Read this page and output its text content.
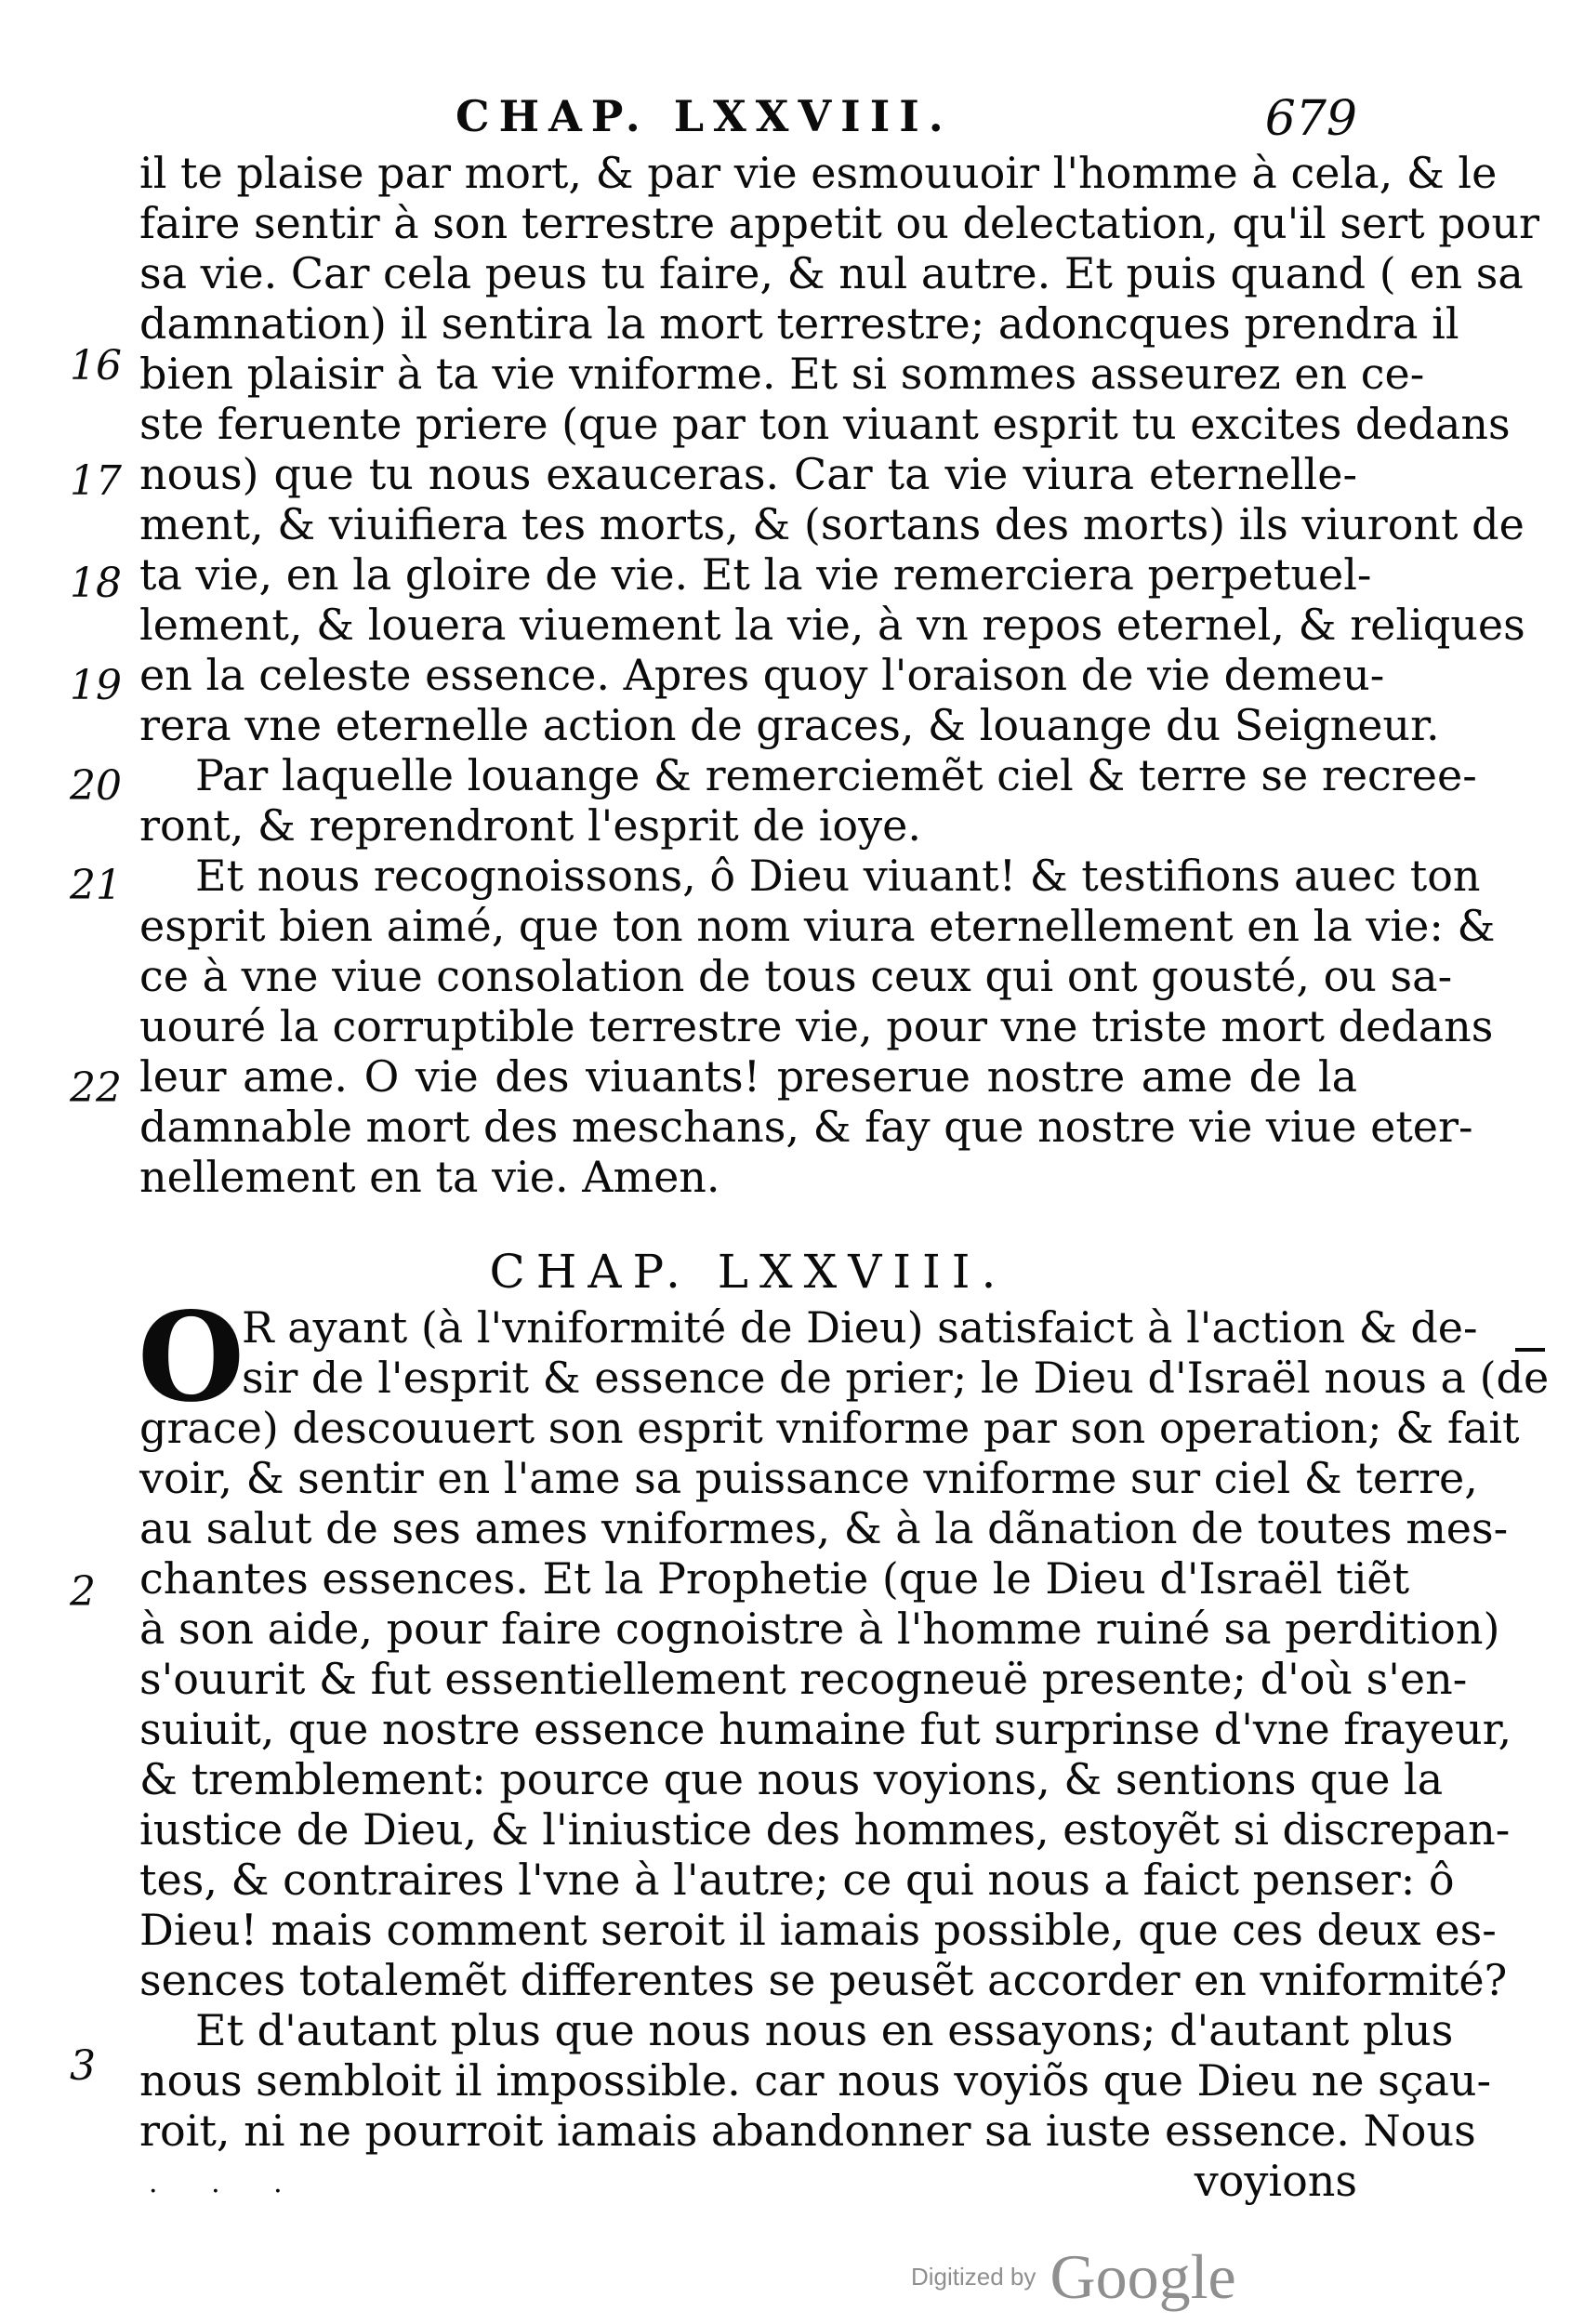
CHAP. LXXVIII.	679
16
17
18
19
20
21
22
il te plaise par mort, & par vie esmouuoir l'homme à cela, & le
faire sentir à son terrestre appetit ou delectation, qu'il sert pour
sa vie. Car cela peus tu faire, & nul autre. Et puis quand ( en sa
damnation) il sentira la mort terrestre; adoncques prendra il
bien plaisir à ta vie vniforme. Et si sommes asseurez en ce-
ste feruente priere (que par ton viuant esprit tu excites dedans
nous) que tu nous exauceras. Car ta vie viura eternelle-
ment, & viuifiera tes morts, & (sortans des morts) ils viuront de
ta vie, en la gloire de vie. Et la vie remerciera perpetuel-
lement, & louera viuement la vie, à vn repos eternel, & reliques
en la celeste essence. Apres quoy l'oraison de vie demeu-
rera vne eternelle action de graces, & louange du Seigneur.
Par laquelle louange & remerciemẽt ciel & terre se recree-
ront, & reprendront l'esprit de ioye.
Et nous recognoissons, ô Dieu viuant! & testifions auec ton
esprit bien aimé, que ton nom viura eternellement en la vie: &
ce à vne viue consolation de tous ceux qui ont gousté, ou sa-
uouré la corruptible terrestre vie, pour vne triste mort dedans
leur ame. O vie des viuants! preserue nostre ame de la
damnable mort des meschans, & fay que nostre vie viue eter-
nellement en ta vie. Amen.
CHAP. LXXVIII.
O
2
3
R ayant (à l'vniformité de Dieu) satisfaict à l'action & de-
sir de l'esprit & essence de prier; le Dieu d'Israël nous a (de
grace) descouuert son esprit vniforme par son operation; & fait
voir, & sentir en l'ame sa puissance vniforme sur ciel & terre,
au salut de ses ames vniformes, & à la dãnation de toutes mes-
chantes essences. Et la Prophetie (que le Dieu d'Israël tiẽt
à son aide, pour faire cognoistre à l'homme ruiné sa perdition)
s'ouurit & fut essentiellement recogneuë presente; d'où s'en-
suiuit, que nostre essence humaine fut surprinse d'vne frayeur,
& tremblement: pource que nous voyions, & sentions que la
iustice de Dieu, & l'iniustice des hommes, estoyẽt si discrepan-
tes, & contraires l'vne à l'autre; ce qui nous a faict penser: ô
Dieu! mais comment seroit il iamais possible, que ces deux es-
sences totalemẽt differentes se peusẽt accorder en vniformité?
Et d'autant plus que nous nous en essayons; d'autant plus
nous sembloit il impossible. car nous voyiõs que Dieu ne sçau-
roit, ni ne pourroit iamais abandonner sa iuste essence. Nous
voyions
· · ·
Digitized by Google
